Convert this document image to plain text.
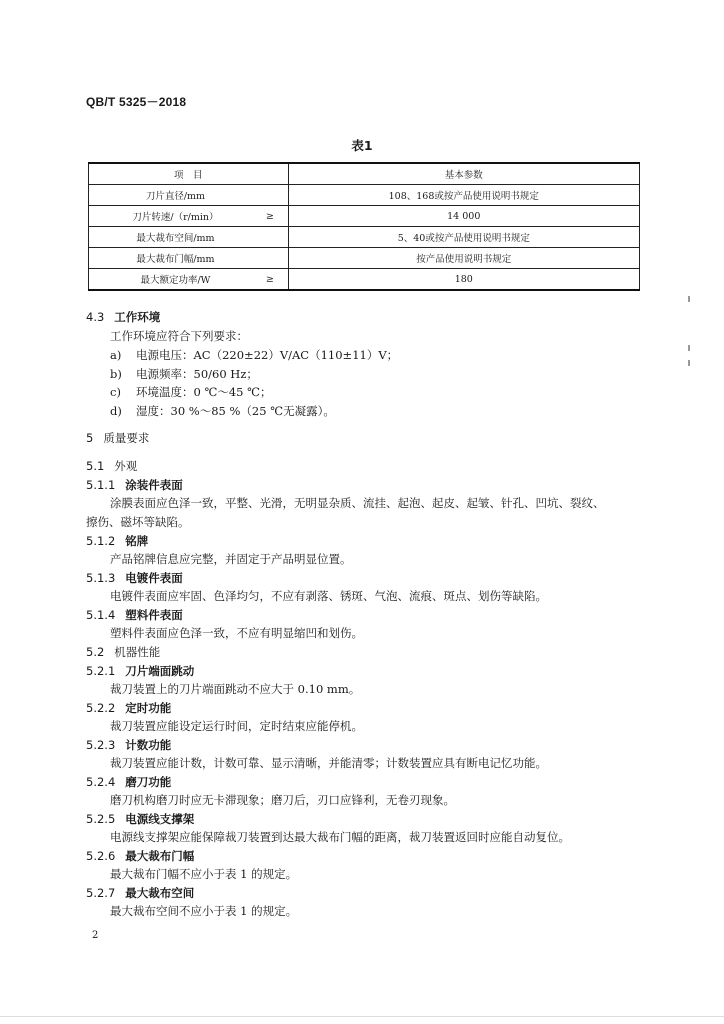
QB/T 5325－2018
表1
项　目		基本参数
刀片直径/mm		108、168或按产品使用说明书规定
刀片转速/（r/min）	≥	14 000
最大裁布空间/mm		5、40或按产品使用说明书规定
最大裁布门幅/mm		按产品使用说明书规定
最大额定功率/W	≥	180
4.3 工作环境
工作环境应符合下列要求：
a) 电源电压：AC（220±22）V/AC（110±11）V；
b) 电源频率：50/60 Hz；
c) 环境温度：0 ℃～45 ℃；
d) 湿度：30 %～85 %（25 ℃无凝露）。
5 质量要求
5.1 外观
5.1.1 涂装件表面
涂膜表面应色泽一致，平整、光滑，无明显杂质、流挂、起泡、起皮、起皱、针孔、凹坑、裂纹、
擦伤、磁坏等缺陷。
5.1.2 铭牌
产品铭牌信息应完整，并固定于产品明显位置。
5.1.3 电镀件表面
电镀件表面应牢固、色泽均匀，不应有剥落、锈斑、气泡、流痕、斑点、划伤等缺陷。
5.1.4 塑料件表面
塑料件表面应色泽一致，不应有明显缩凹和划伤。
5.2 机器性能
5.2.1 刀片端面跳动
裁刀装置上的刀片端面跳动不应大于 0.10 mm。
5.2.2 定时功能
裁刀装置应能设定运行时间，定时结束应能停机。
5.2.3 计数功能
裁刀装置应能计数，计数可靠、显示清晰，并能清零；计数装置应具有断电记忆功能。
5.2.4 磨刀功能
磨刀机构磨刀时应无卡滞现象；磨刀后，刃口应锋利，无卷刃现象。
5.2.5 电源线支撑架
电源线支撑架应能保障裁刀装置到达最大裁布门幅的距离，裁刀装置返回时应能自动复位。
5.2.6 最大裁布门幅
最大裁布门幅不应小于表 1 的规定。
5.2.7 最大裁布空间
最大裁布空间不应小于表 1 的规定。
2
